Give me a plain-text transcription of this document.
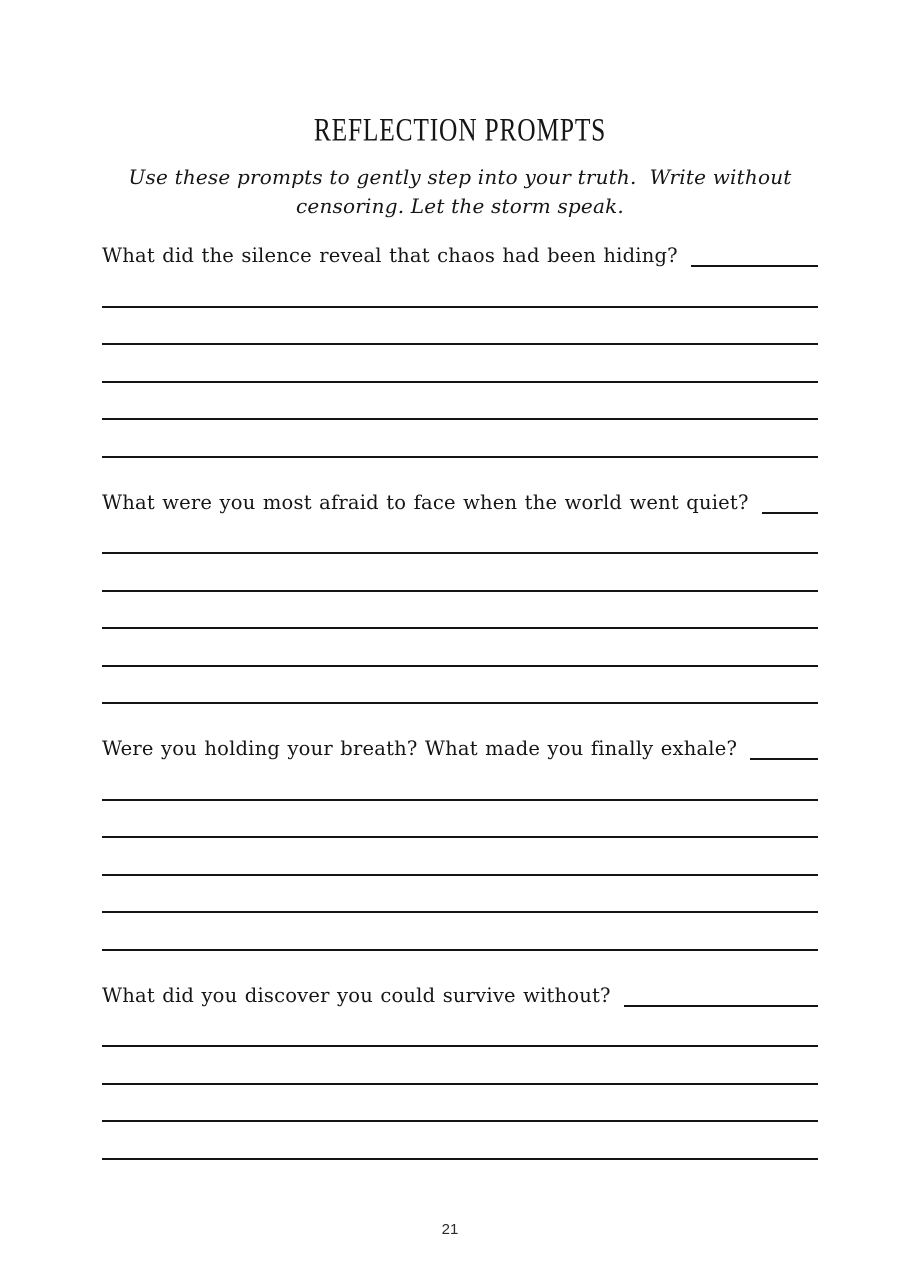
REFLECTION PROMPTS
Use these prompts to gently step into your truth.  Write without
censoring. Let the storm speak.
What did the silence reveal that chaos had been hiding?
What were you most afraid to face when the world went quiet?
Were you holding your breath? What made you finally exhale?
What did you discover you could survive without?
21
